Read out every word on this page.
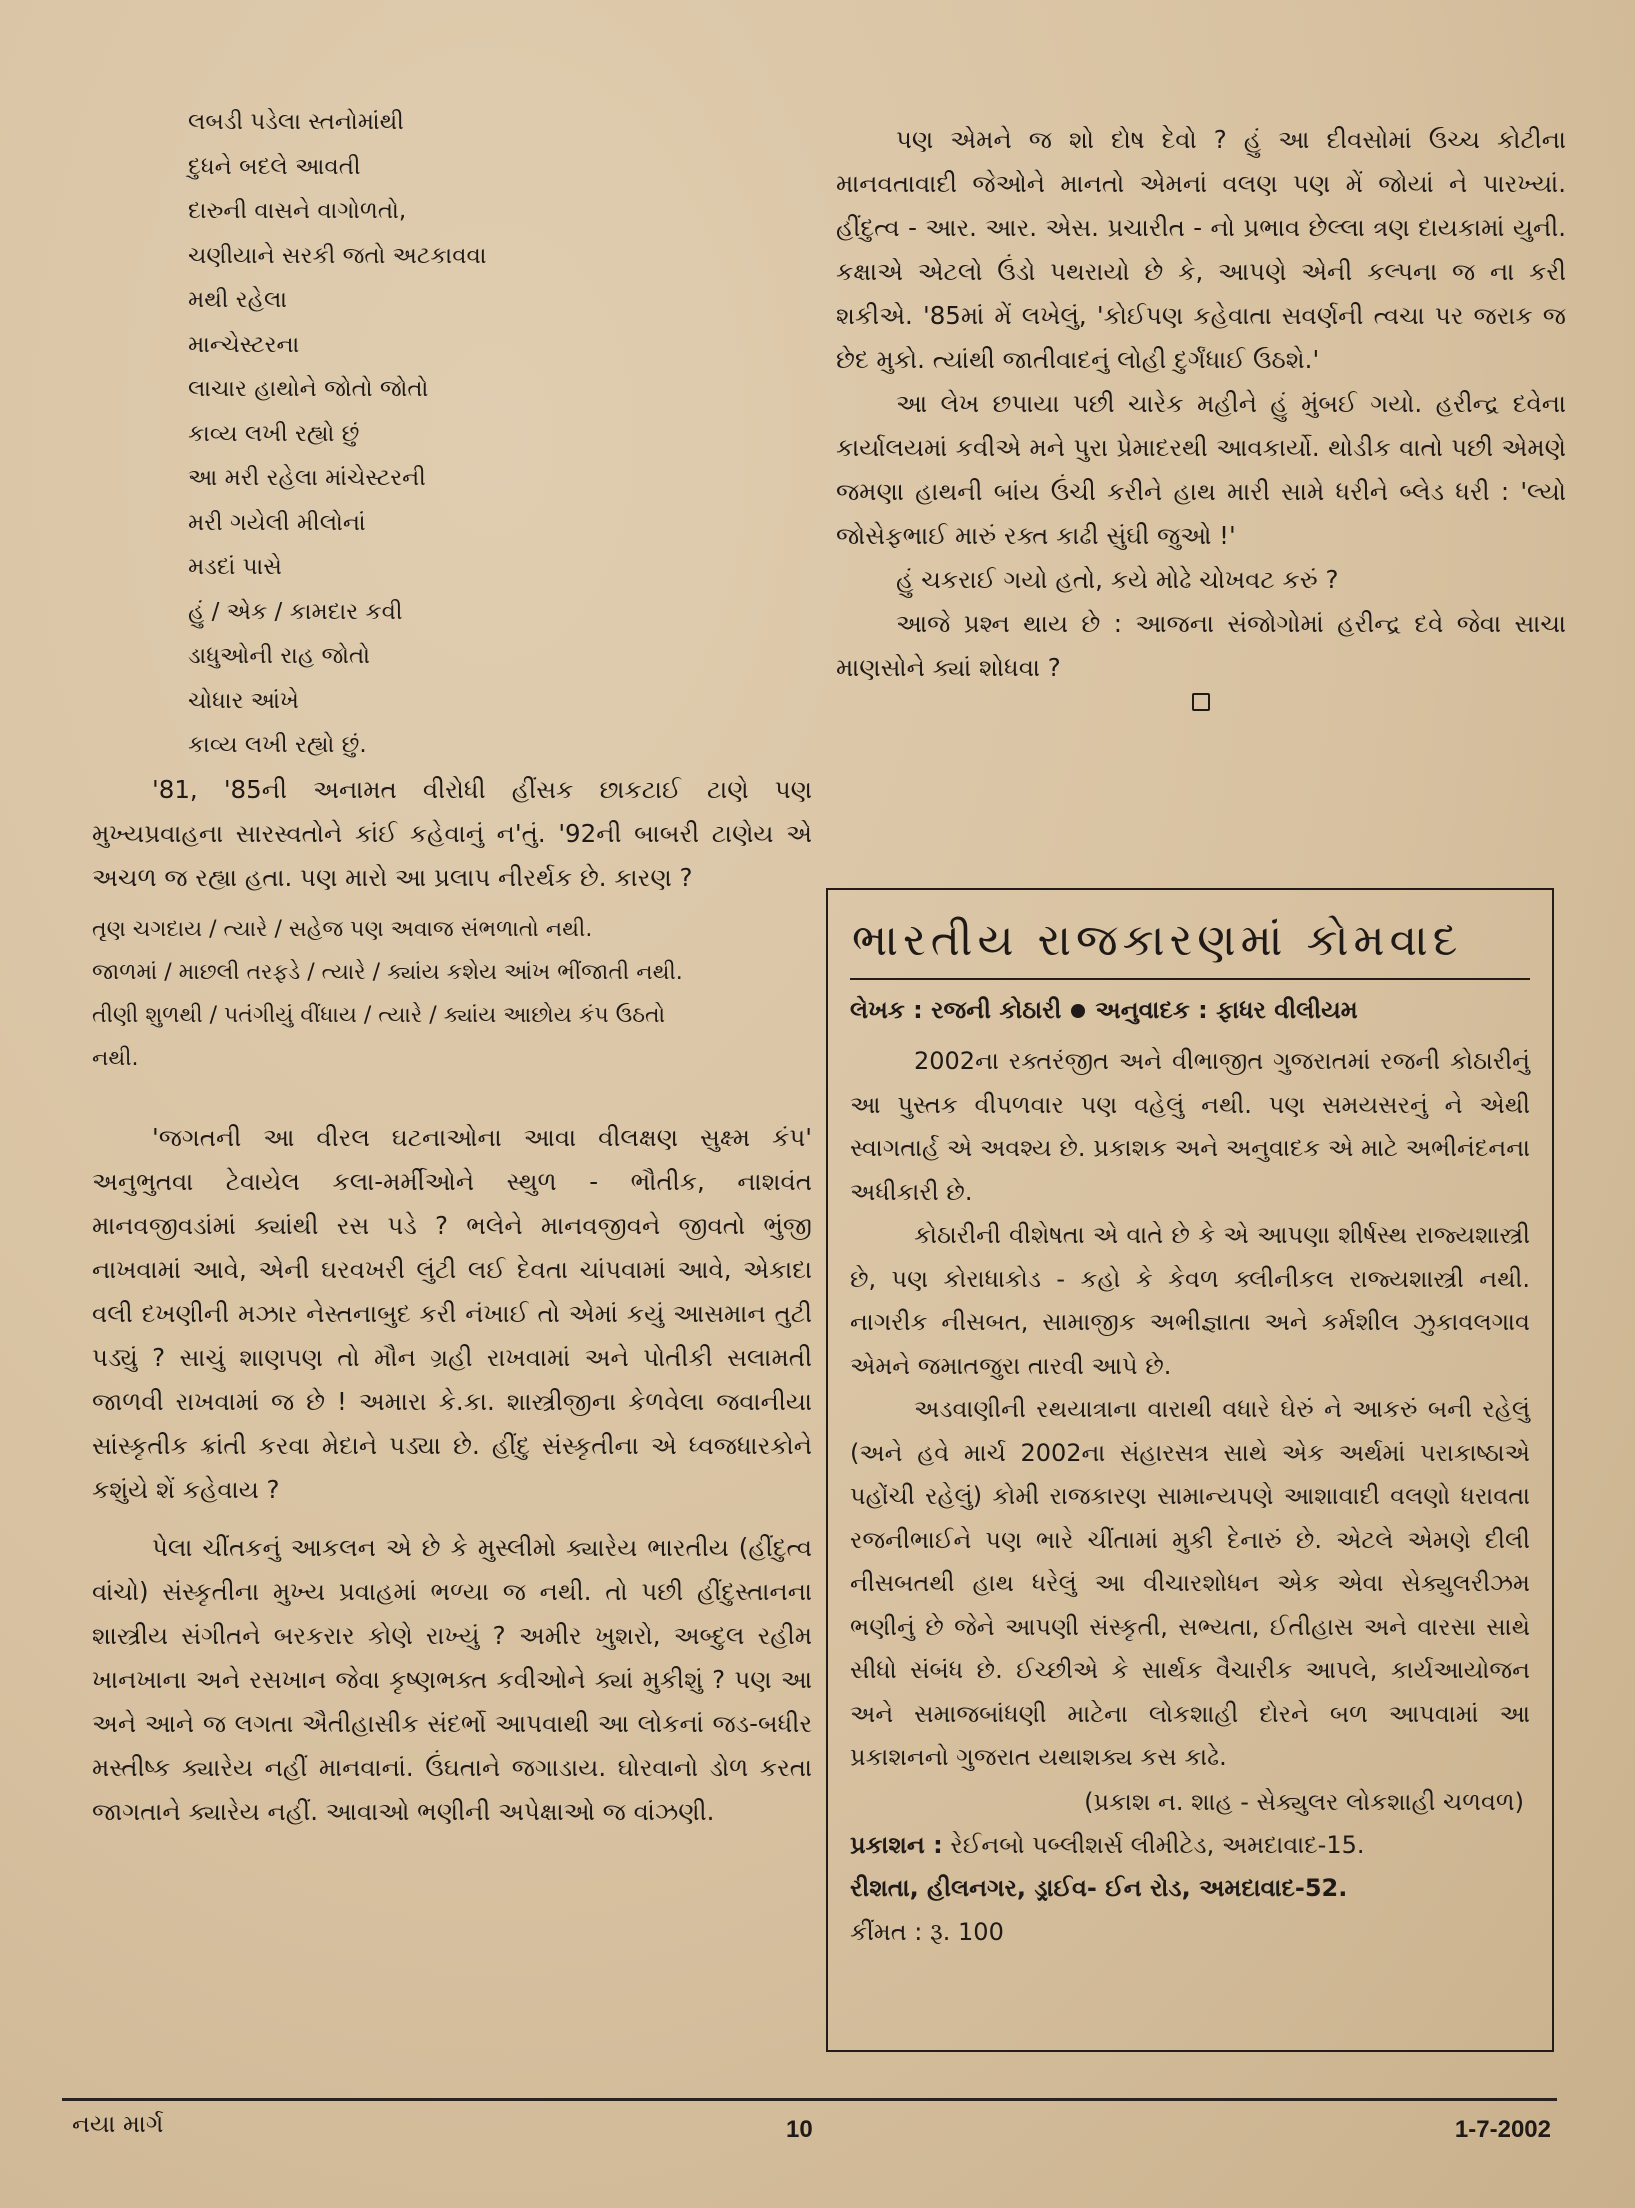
લબડી પડેલા સ્તનોમાંથી
દુધને બદલે આવતી
દારુની વાસને વાગોળતો,
ચણીયાને સરકી જતો અટકાવવા
મથી રહેલા
માન્ચેસ્ટરના
લાચાર હાથોને જોતો જોતો
કાવ્ય લખી રહ્યો છું
આ મરી રહેલા માંચેસ્ટરની
મરી ગયેલી મીલોનાં
મડદાં પાસે
હું / એક / કામદાર કવી
ડાધુઓની રાહ જોતો
ચોધાર આંખે
કાવ્ય લખી રહ્યો છું.

'81, '85ની અનામત વીરોધી હીંસક છાકટાઈ ટાણે પણ મુખ્યપ્રવાહના સારસ્વતોને કાંઈ કહેવાનું ન'તું. '92ની બાબરી ટાણેય એ અચળ જ રહ્યા હતા. પણ મારો આ પ્રલાપ નીરર્થક છે. કારણ ?

તૃણ ચગદાય / ત્યારે / સહેજ પણ અવાજ સંભળાતો નથી.
જાળમાં / માછલી તરફડે / ત્યારે / ક્યાંય કશેય આંખ ભીંજાતી નથી.
તીણી શુળથી / પતંગીયું વીંધાય / ત્યારે / ક્યાંય આછોય કંપ ઉઠતો
નથી.

'જગતની આ વીરલ ઘટનાઓના આવા વીલક્ષણ સુક્ષ્મ કંપ' અનુભુતવા ટેવાયેલ કલા-મર્મીઓને સ્થુળ - ભૌતીક, નાશવંત માનવજીવડાંમાં ક્યાંથી રસ પડે ? ભલેને માનવજીવને જીવતો ભુંજી નાખવામાં આવે, એની ઘરવખરી લુંટી લઈ દેવતા ચાંપવામાં આવે, એકાદા વલી દખણીની મઝાર નેસ્તનાબુદ કરી નંખાઈ તો એમાં કયું આસમાન તુટી પડ્યું ? સાચું શાણપણ તો મૌન ગ્રહી રાખવામાં અને પોતીકી સલામતી જાળવી રાખવામાં જ છે ! અમારા કે.કા. શાસ્ત્રીજીના કેળવેલા જવાનીયા સાંસ્કૃતીક ક્રાંતી કરવા મેદાને પડ્યા છે. હીંદુ સંસ્કૃતીના એ ધ્વજધારકોને કશુંયે શેં કહેવાય ?

પેલા ચીંતકનું આકલન એ છે કે મુસ્લીમો ક્યારેય ભારતીય (હીંદુત્વ વાંચો) સંસ્કૃતીના મુખ્ય પ્રવાહમાં ભળ્યા જ નથી. તો પછી હીંદુસ્તાનના શાસ્ત્રીય સંગીતને બરકરાર કોણે રાખ્યું ? અમીર ખુશરો, અબ્દુલ રહીમ ખાનખાના અને રસખાન જેવા કૃષ્ણભક્ત કવીઓને ક્યાં મુકીશું ? પણ આ અને આને જ લગતા ઐતીહાસીક સંદર્ભો આપવાથી આ લોકનાં જડ-બધીર મસ્તીષ્ક ક્યારેય નહીં માનવાનાં. ઉંઘતાને જગાડાય. ઘોરવાનો ડોળ કરતા જાગતાને ક્યારેય નહીં. આવાઓ ભણીની અપેક્ષાઓ જ વાંઝણી.

પણ એમને જ શો દોષ દેવો ? હું આ દીવસોમાં ઉચ્ચ કોટીના માનવતાવાદી જેઓને માનતો એમનાં વલણ પણ મેં જોયાં ને પારખ્યાં. હીંદુત્વ - આર. આર. એસ. પ્રચારીત - નો પ્રભાવ છેલ્લા ત્રણ દાયકામાં યુની. કક્ષાએ એટલો ઉંડો પથરાયો છે કે, આપણે એની કલ્પના જ ના કરી શકીએ. '85માં મેં લખેલું, 'કોઈપણ કહેવાતા સવર્ણની ત્વચા પર જરાક જ છેદ મુકો. ત્યાંથી જાતીવાદનું લોહી દુર્ગંધાઈ ઉઠશે.'

આ લેખ છપાયા પછી ચારેક મહીને હું મુંબઈ ગયો. હરીન્દ્ર દવેના કાર્યાલયમાં કવીએ મને પુરા પ્રેમાદરથી આવકાર્યો. થોડીક વાતો પછી એમણે જમણા હાથની બાંય ઉંચી કરીને હાથ મારી સામે ધરીને બ્લેડ ધરી : 'લ્યો જોસેફભાઈ મારું રક્ત કાઢી સુંઘી જુઓ !'

હું ચકરાઈ ગયો હતો, કયે મોઢે ચોખવટ કરું ?

આજે પ્રશ્ન થાય છે : આજના સંજોગોમાં હરીન્દ્ર દવે જેવા સાચા માણસોને ક્યાં શોધવા ?

ભારતીય રાજકારણમાં કોમવાદ
લેખક : રજની કોઠારી અનુવાદક : ફાધર વીલીયમ

2002ના રક્તરંજીત અને વીભાજીત ગુજરાતમાં રજની કોઠારીનું આ પુસ્તક વીપળવાર પણ વહેલું નથી. પણ સમયસરનું ને એથી સ્વાગતાર્હ એ અવશ્ય છે. પ્રકાશક અને અનુવાદક એ માટે અભીનંદનના અધીકારી છે.

કોઠારીની વીશેષતા એ વાતે છે કે એ આપણા શીર્ષસ્થ રાજ્યશાસ્ત્રી છે, પણ કોરાધાકોડ - કહો કે કેવળ ક્લીનીકલ રાજ્યશાસ્ત્રી નથી. નાગરીક નીસબત, સામાજીક અભીજ્ઞાતા અને કર્મશીલ ઝુકાવલગાવ એમને જમાતજુરા તારવી આપે છે.

અડવાણીની રથયાત્રાના વારાથી વધારે ઘેરું ને આકરું બની રહેલું (અને હવે માર્ચ 2002ના સંહારસત્ર સાથે એક અર્થમાં પરાકાષ્ઠાએ પહોંચી રહેલું) કોમી રાજકારણ સામાન્યપણે આશાવાદી વલણો ધરાવતા રજનીભાઈને પણ ભારે ચીંતામાં મુકી દેનારું છે. એટલે એમણે દીલી નીસબતથી હાથ ધરેલું આ વીચારશોધન એક એવા સેક્યુલરીઝમ ભણીનું છે જેને આપણી સંસ્કૃતી, સભ્યતા, ઈતીહાસ અને વારસા સાથે સીધો સંબંધ છે. ઈચ્છીએ કે સાર્થક વૈચારીક આપલે, કાર્યઆયોજન અને સમાજબાંધણી માટેના લોકશાહી દોરને બળ આપવામાં આ પ્રકાશનનો ગુજરાત યથાશક્ય કસ કાઢે.

(પ્રકાશ ન. શાહ - સેક્યુલર લોકશાહી ચળવળ)

પ્રકાશન : રેઈનબો પબ્લીશર્સ લીમીટેડ, અમદાવાદ-15.
રીશતા, હીલનગર, ડ્રાઈવ- ઈન રોડ, અમદાવાદ-52.
કીંમત : રૂ. 100

નયા માર્ગ	10	1-7-2002
